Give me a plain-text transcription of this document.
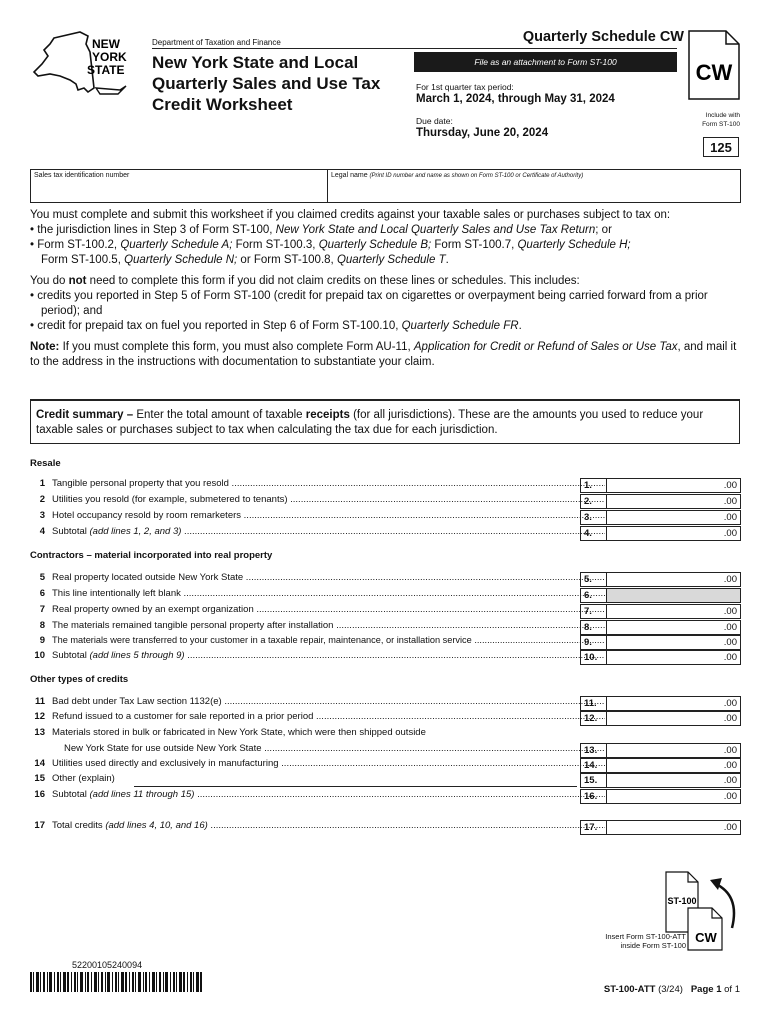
NEW
YORK
STATE
Department of Taxation and Finance
New York State and Local
Quarterly Sales and Use Tax
Credit Worksheet
Quarterly Schedule CW
File as an attachment to Form ST-100
For 1st quarter tax period:
March 1, 2024, through May 31, 2024
Due date:
Thursday, June 20, 2024
CW
Include with
Form ST-100
125
Sales tax identification number	Legal name (Print ID number and name as shown on Form ST-100 or Certificate of Authority)

You must complete and submit this worksheet if you claimed credits against your taxable sales or purchases subject to tax on:

• the jurisdiction lines in Step 3 of Form ST-100, New York State and Local Quarterly Sales and Use Tax Return; or

• Form ST-100.2, Quarterly Schedule A; Form ST-100.3, Quarterly Schedule B; Form ST-100.7, Quarterly Schedule H;
Form ST-100.5, Quarterly Schedule N; or Form ST-100.8, Quarterly Schedule T.

You do not need to complete this form if you did not claim credits on these lines or schedules. This includes:

• credits you reported in Step 5 of Form ST-100 (credit for prepaid tax on cigarettes or overpayment being carried forward from a prior period); and

• credit for prepaid tax on fuel you reported in Step 6 of Form ST-100.10, Quarterly Schedule FR.

Note: If you must complete this form, you must also complete Form AU-11, Application for Credit or Refund of Sales or Use Tax, and mail it to the address in the instructions with documentation to substantiate your claim.

Credit summary – Enter the total amount of taxable receipts (for all jurisdictions). These are the amounts you used to reduce your taxable sales or purchases subject to tax when calculating the tax due for each jurisdiction.
Resale
1 Tangible personal property that you resold .....	1.	.00
2 Utilities you resold (for example, submetered to tenants) .....	2.	.00
3 Hotel occupancy resold by room remarketers .....	3.	.00
4 Subtotal (add lines 1, 2, and 3) .....	4.	.00
Contractors – material incorporated into real property
5 Real property located outside New York State .....	5.	.00
6 This line intentionally left blank .....	6.
7 Real property owned by an exempt organization .....	7.	.00
8 The materials remained tangible personal property after installation .....	8.	.00
9 The materials were transferred to your customer in a taxable repair, maintenance, or installation service .....	9.	.00
10 Subtotal (add lines 5 through 9) .....	10.	.00
Other types of credits
11 Bad debt under Tax Law section 1132(e) .....	11.	.00
12 Refund issued to a customer for sale reported in a prior period .....	12.	.00
13 Materials stored in bulk or fabricated in New York State, which were then shipped outside
New York State for use outside New York State .....	13.	.00
14 Utilities used directly and exclusively in manufacturing .....	14.	.00
15 Other (explain)	15.	.00
16 Subtotal (add lines 11 through 15) .....	16.	.00
17 Total credits (add lines 4, 10, and 16) .....	17.	.00
ST-100
CW
Insert Form ST-100-ATT
inside Form ST-100
52200105240094
ST-100-ATT (3/24) Page 1 of 1
